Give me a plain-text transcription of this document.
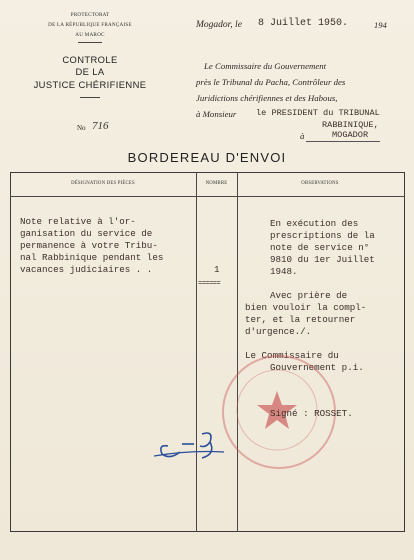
PROTECTORAT
DE LA RÉPUBLIQUE FRANÇAISE
AU MAROC
CONTROLE
DE LA
JUSTICE CHÉRIFIENNE
No 716
Mogador, le 8 Juillet 1950.	194
Le Commissaire du Gouvernement
près le Tribunal du Pacha, Contrôleur des
Juridictions chérifiennes et des Habous,
à Monsieur le PRESIDENT du TRIBUNAL
RABBINIQUE,
à	MOGADOR
BORDEREAU D'ENVOI
DÉSIGNATION DES PIÈCES	NOMBRE	OBSERVATIONS
Note relative à l'or-
ganisation du service de
permanence à votre Tribu-
nal Rabbinique pendant les
vacances judiciaires . .	1
======
En exécution des
prescriptions de la
note de service n°
9810 du 1er Juillet
1948.
Avec prière de
bien vouloir la compl-
ter, et la retourner
d'urgence./.
Le Commissaire du
Gouvernement p.i.
Signé : ROSSET.
